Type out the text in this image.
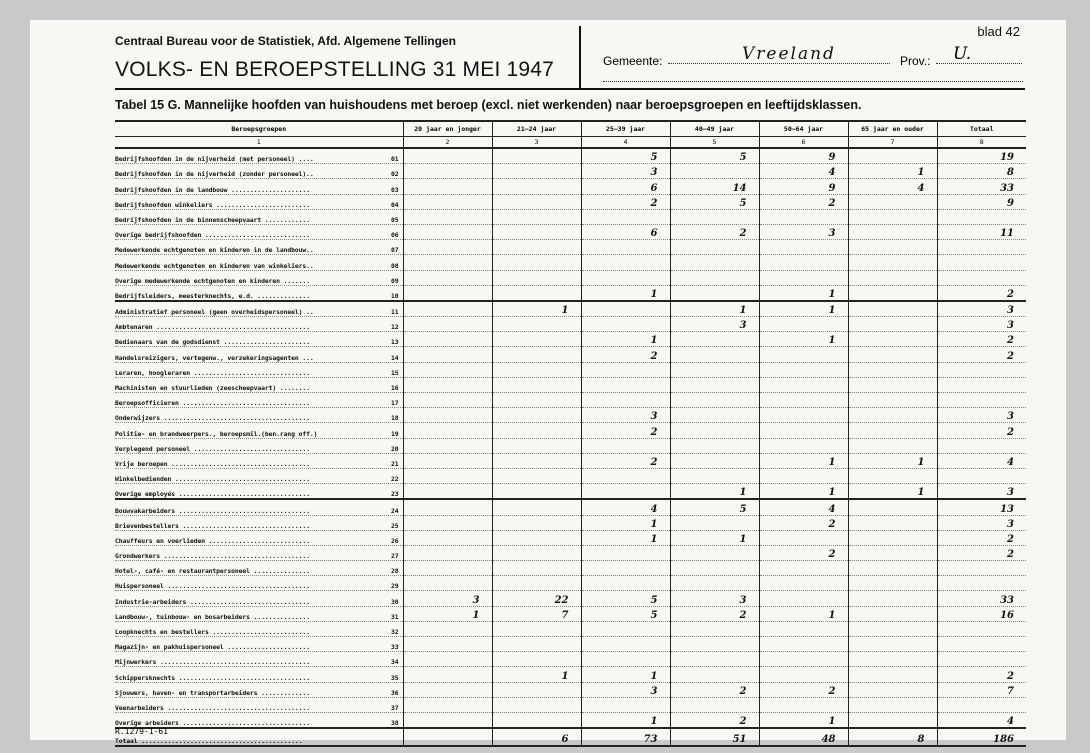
Centraal Bureau voor de Statistiek, Afd. Algemene Tellingen
VOLKS- EN BEROEPSTELLING 31 MEI 1947
blad 42
Gemeente:	Vreeland	Prov.: U.
Tabel 15 G. Mannelijke hoofden van huishoudens met beroep (excl. niet werkenden) naar beroepsgroepen en leeftijdsklassen.
Beroepsgroepen	20 jaar en jonger	21–24 jaar	25–39 jaar	40–49 jaar	50–64 jaar	65 jaar en ouder	Totaal
1	2	3	4	5	6	7	8

01
Bedrijfshoofden in de nijverheid (met personeel) ....			5	5	9		19

02
Bedrijfshoofden in de nijverheid (zonder personeel)..			3		4	1	8

03
Bedrijfshoofden in de landbouw .....................			6	14	9	4	33

04
Bedrijfshoofden winkeliers .........................			2	5	2		9

05
Bedrijfshoofden in de binnenscheepvaart ............							

06
Overige bedrijfshoofden ............................			6	2	3		11

07
Medewerkende echtgenoten en kinderen in de landbouw..							

08
Medewerkende echtgenoten en kinderen van winkeliers..							

09
Overige medewerkende echtgenoten en kinderen .......							

10
Bedrijfsleiders, meesterknechts, e.d. ..............			1		1		2

11
Administratief personeel (geen overheidspersoneel) ..		1		1	1		3

12
Ambtenaren .........................................				3			3

13
Bedienaars van de godsdienst .......................			1		1		2

14
Handelsreizigers, vertegenw., verzekeringsagenten ...			2				2

15
Leraren, hoogleraren ...............................							

16
Machinisten en stuurlieden (zeescheepvaart) ........							

17
Beroepsofficieren ..................................							

18
Onderwijzers .......................................			3				3

19
Politie- en brandweerpers., beroepsmil.(ben.rang off.)			2				2

20
Verplegend personeel ...............................							

21
Vrije beroepen .....................................			2		1	1	4

22
Winkelbedienden ....................................							

23
Overige employés ...................................				1	1	1	3

24
Bouwvakarbeiders ...................................			4	5	4		13

25
Brievenbestellers ..................................			1		2		3

26
Chauffeurs en voerlieden ...........................			1	1			2

27
Grondwerkers .......................................					2		2

28
Hotel-, café- en restaurantpersoneel ...............							

29
Huispersoneel ......................................							

30
Industrie-arbeiders ................................	3	22	5	3			33

31
Landbouw-, tuinbouw- en bosarbeiders ...............	1	7	5	2	1		16

32
Loopknechts en bestellers ..........................							

33
Magazijn- en pakhuispersoneel ......................							

34
Mijnwerkers ........................................							

35
Schippersknechts ...................................		1	1				2

36
Sjouwers, haven- en transportarbeiders .............			3	2	2		7

37
Veenarbeiders ......................................							

38
Overige arbeiders ..................................			1	2	1		4
Totaal ...........................................		6	73	51	48	8	186
R.1279-1-61
